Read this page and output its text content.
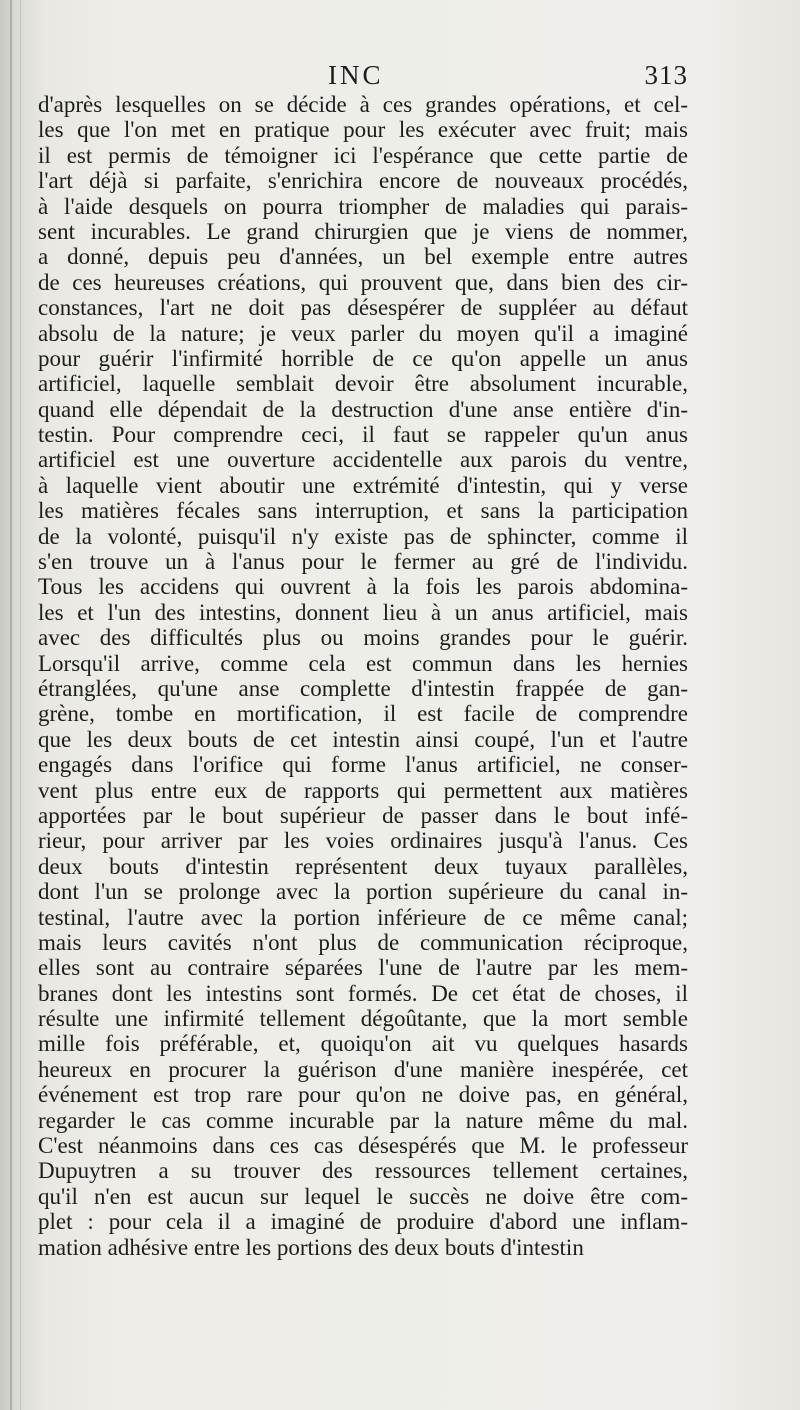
INC	313
d'après lesquelles on se décide à ces grandes opérations, et cel-
les que l'on met en pratique pour les exécuter avec fruit; mais
il est permis de témoigner ici l'espérance que cette partie de
l'art déjà si parfaite, s'enrichira encore de nouveaux procédés,
à l'aide desquels on pourra triompher de maladies qui parais-
sent incurables. Le grand chirurgien que je viens de nommer,
a donné, depuis peu d'années, un bel exemple entre autres
de ces heureuses créations, qui prouvent que, dans bien des cir-
constances, l'art ne doit pas désespérer de suppléer au défaut
absolu de la nature; je veux parler du moyen qu'il a imaginé
pour guérir l'infirmité horrible de ce qu'on appelle un anus
artificiel, laquelle semblait devoir être absolument incurable,
quand elle dépendait de la destruction d'une anse entière d'in-
testin. Pour comprendre ceci, il faut se rappeler qu'un anus
artificiel est une ouverture accidentelle aux parois du ventre,
à laquelle vient aboutir une extrémité d'intestin, qui y verse
les matières fécales sans interruption, et sans la participation
de la volonté, puisqu'il n'y existe pas de sphincter, comme il
s'en trouve un à l'anus pour le fermer au gré de l'individu.
Tous les accidens qui ouvrent à la fois les parois abdomina-
les et l'un des intestins, donnent lieu à un anus artificiel, mais
avec des difficultés plus ou moins grandes pour le guérir.
Lorsqu'il arrive, comme cela est commun dans les hernies
étranglées, qu'une anse complette d'intestin frappée de gan-
grène, tombe en mortification, il est facile de comprendre
que les deux bouts de cet intestin ainsi coupé, l'un et l'autre
engagés dans l'orifice qui forme l'anus artificiel, ne conser-
vent plus entre eux de rapports qui permettent aux matières
apportées par le bout supérieur de passer dans le bout infé-
rieur, pour arriver par les voies ordinaires jusqu'à l'anus. Ces
deux bouts d'intestin représentent deux tuyaux parallèles,
dont l'un se prolonge avec la portion supérieure du canal in-
testinal, l'autre avec la portion inférieure de ce même canal;
mais leurs cavités n'ont plus de communication réciproque,
elles sont au contraire séparées l'une de l'autre par les mem-
branes dont les intestins sont formés. De cet état de choses, il
résulte une infirmité tellement dégoûtante, que la mort semble
mille fois préférable, et, quoiqu'on ait vu quelques hasards
heureux en procurer la guérison d'une manière inespérée, cet
événement est trop rare pour qu'on ne doive pas, en général,
regarder le cas comme incurable par la nature même du mal.
C'est néanmoins dans ces cas désespérés que M. le professeur
Dupuytren a su trouver des ressources tellement certaines,
qu'il n'en est aucun sur lequel le succès ne doive être com-
plet : pour cela il a imaginé de produire d'abord une inflam-
mation adhésive entre les portions des deux bouts d'intestin
